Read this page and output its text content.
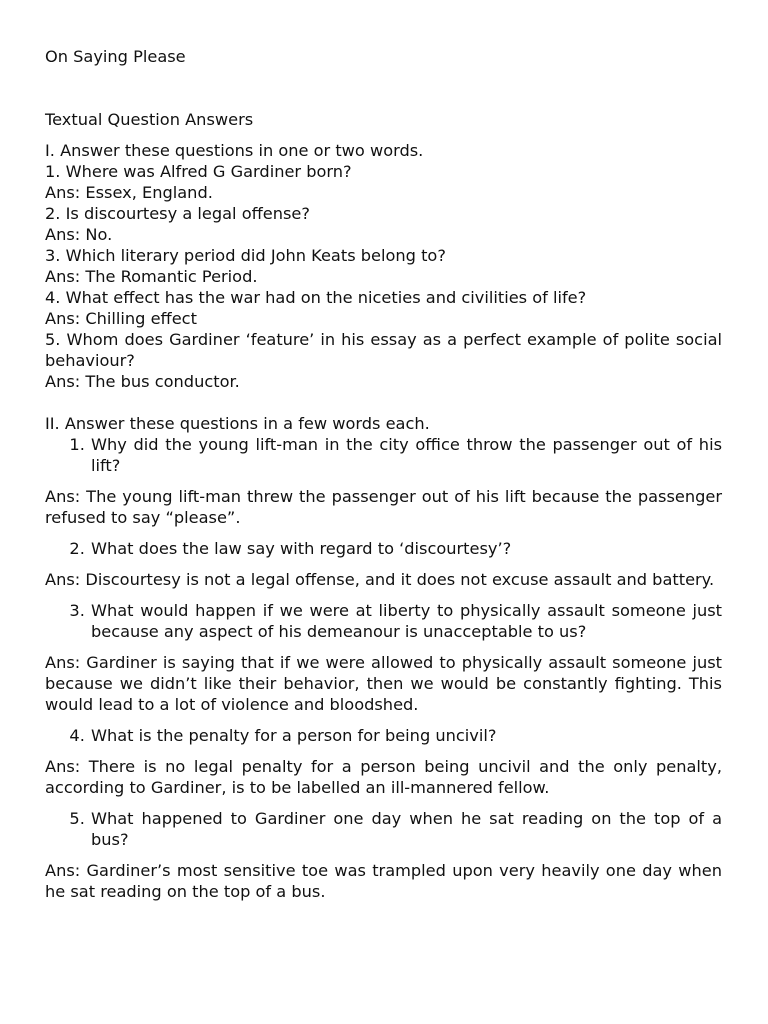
On Saying Please

Textual Question Answers

I. Answer these questions in one or two words.

1. Where was Alfred G Gardiner born?

Ans: Essex, England.

2. Is discourtesy a legal offense?

Ans: No.

3. Which literary period did John Keats belong to?

Ans: The Romantic Period.

4. What effect has the war had on the niceties and civilities of life?

Ans: Chilling effect

5. Whom does Gardiner ‘feature’ in his essay as a perfect example of polite social behaviour?

Ans: The bus conductor.

II. Answer these questions in a few words each.

1. Why did the young lift-man in the city office throw the passenger out of his lift?

Ans: The young lift-man threw the passenger out of his lift because the passenger refused to say “please”.

2. What does the law say with regard to ‘discourtesy’?

Ans: Discourtesy is not a legal offense, and it does not excuse assault and battery.

3. What would happen if we were at liberty to physically assault someone just because any aspect of his demeanour is unacceptable to us?

Ans: Gardiner is saying that if we were allowed to physically assault someone just because we didn’t like their behavior, then we would be constantly fighting. This would lead to a lot of violence and bloodshed.

4. What is the penalty for a person for being uncivil?

Ans: There is no legal penalty for a person being uncivil and the only penalty, according to Gardiner, is to be labelled an ill-mannered fellow.

5. What happened to Gardiner one day when he sat reading on the top of a bus?

Ans: Gardiner’s most sensitive toe was trampled upon very heavily one day when he sat reading on the top of a bus.
